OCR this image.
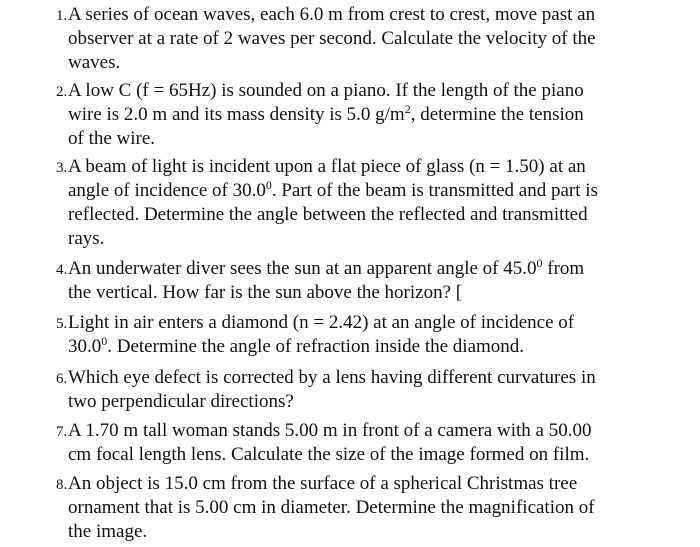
1. A series of ocean waves, each 6.0 m from crest to crest, move past an
observer at a rate of 2 waves per second. Calculate the velocity of the
waves.
2. A low C (f = 65Hz) is sounded on a piano. If the length of the piano
wire is 2.0 m and its mass density is 5.0 $g/m^2$, determine the tension
of the wire.
3. A beam of light is incident upon a flat piece of glass (n = 1.50) at an
angle of incidence of 30.0$^0$. Part of the beam is transmitted and part is
reflected. Determine the angle between the reflected and transmitted
rays.
4. An underwater diver sees the sun at an apparent angle of 45.0$^0$ from
the vertical. How far is the sun above the horizon? [
5. Light in air enters a diamond (n = 2.42) at an angle of incidence of
30.0$^0$. Determine the angle of refraction inside the diamond.
6. Which eye defect is corrected by a lens having different curvatures in
two perpendicular directions?
7. A 1.70 m tall woman stands 5.00 m in front of a camera with a 50.00
cm focal length lens. Calculate the size of the image formed on film.
8. An object is 15.0 cm from the surface of a spherical Christmas tree
ornament that is 5.00 cm in diameter. Determine the magnification of
the image.
